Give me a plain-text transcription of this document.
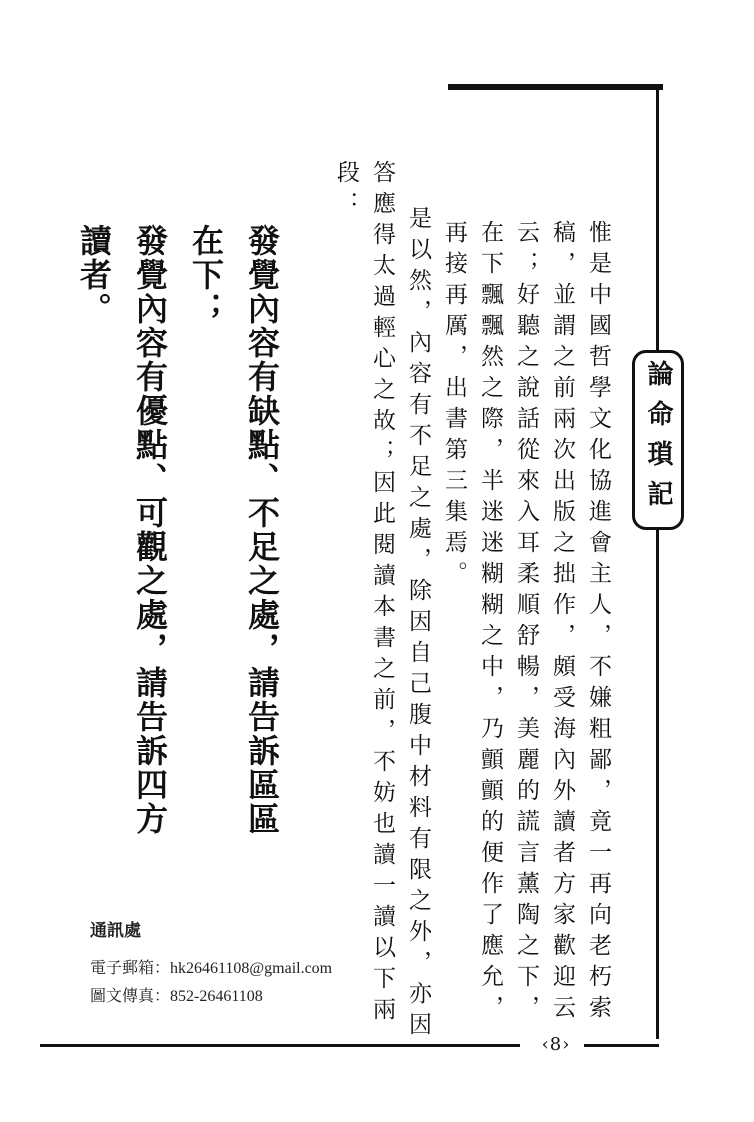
論命瑣記

惟是中國哲學文化協進會主人，不嫌粗鄙，竟一再向老朽索稿，並謂之前兩次出版之拙作，頗受海內外讀者方家歡迎云云；好聽之說話從來入耳柔順舒暢，美麗的謊言薰陶之下，在下飄飄然之際，半迷迷糊糊之中，乃顫顫的便作了應允，再接再厲，出書第三集焉。

是以然，內容有不足之處，除因自己腹中材料有限之外，亦因答應得太過輕心之故；因此閱讀本書之前，不妨也讀一讀以下兩段：

發覺內容有缺點、不足之處，請告訴區區在下；

發覺內容有優點、可觀之處，請告訴四方讀者。

通訊處
電子郵箱：hk26461108@gmail.com
圖文傳真：852-26461108
‹8›
